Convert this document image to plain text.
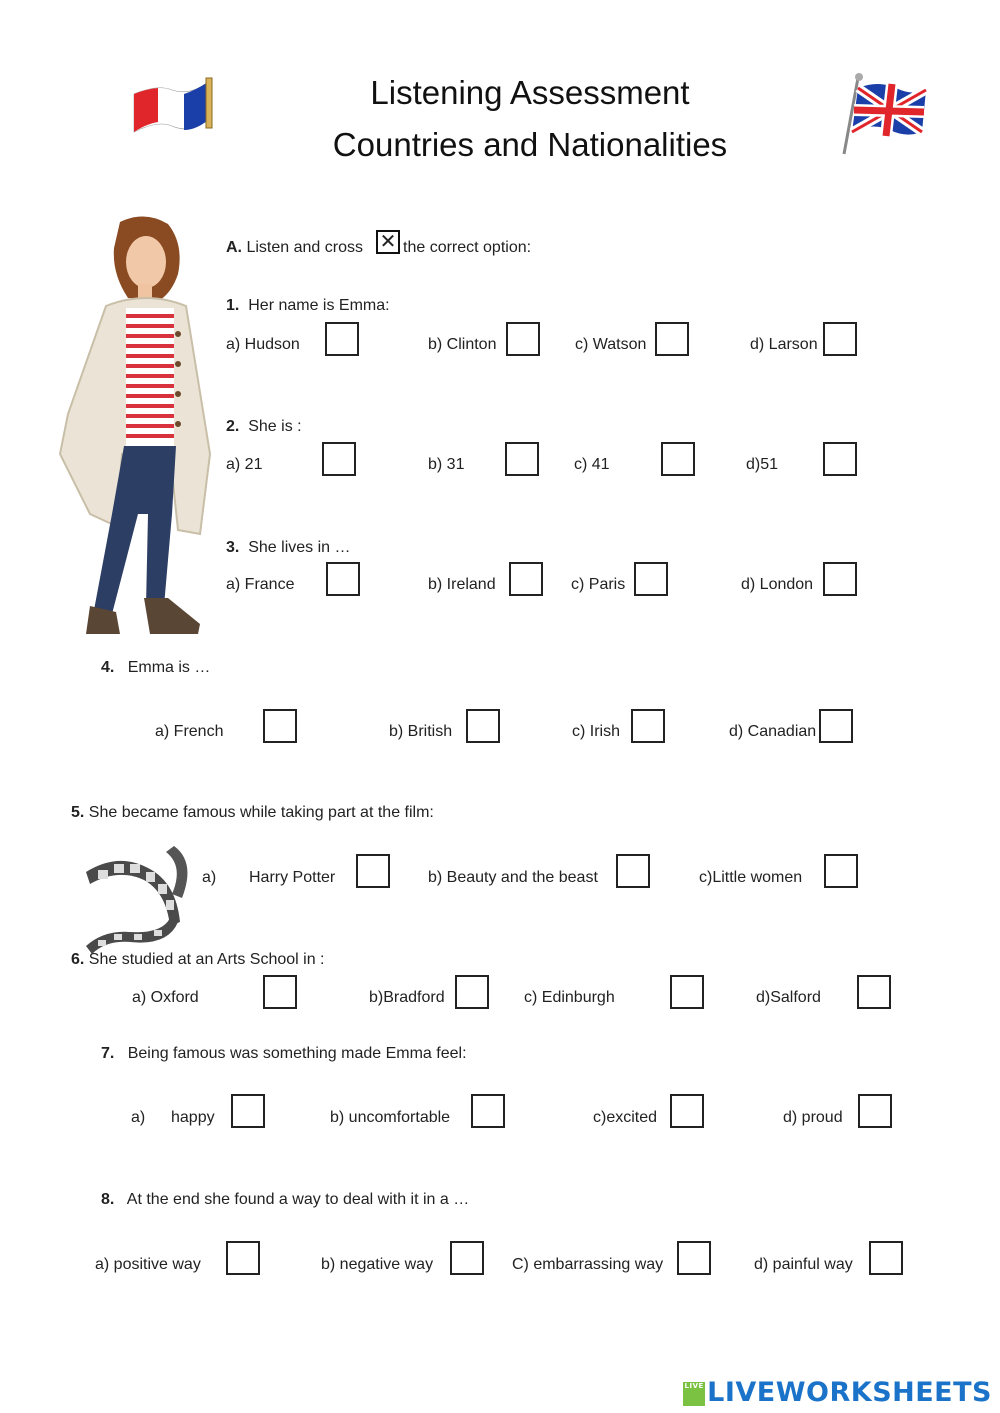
Listening Assessment
Countries and Nationalities
A. Listen and cross ✕ the correct option:
1. Her name is Emma:
a) Hudson	b) Clinton	c) Watson	d) Larson
2. She is :
a) 21	b) 31	c) 41	d)51
3. She lives in …
a) France	b) Ireland	c) Paris	d) London
4. Emma is …
a) French	b) British	c) Irish	d) Canadian
5. She became famous while taking part at the film:
a) Harry Potter	b) Beauty and the beast	c)Little women
6. She studied at an Arts School in :
a) Oxford	b)Bradford	c) Edinburgh	d)Salford
7. Being famous was something made Emma feel:
a) happy	b) uncomfortable	c)excited	d) proud
8. At the end she found a way to deal with it in a …
a) positive way	b) negative way	C) embarrassing way	d) painful way
LIVE LIVEWORKSHEETS
